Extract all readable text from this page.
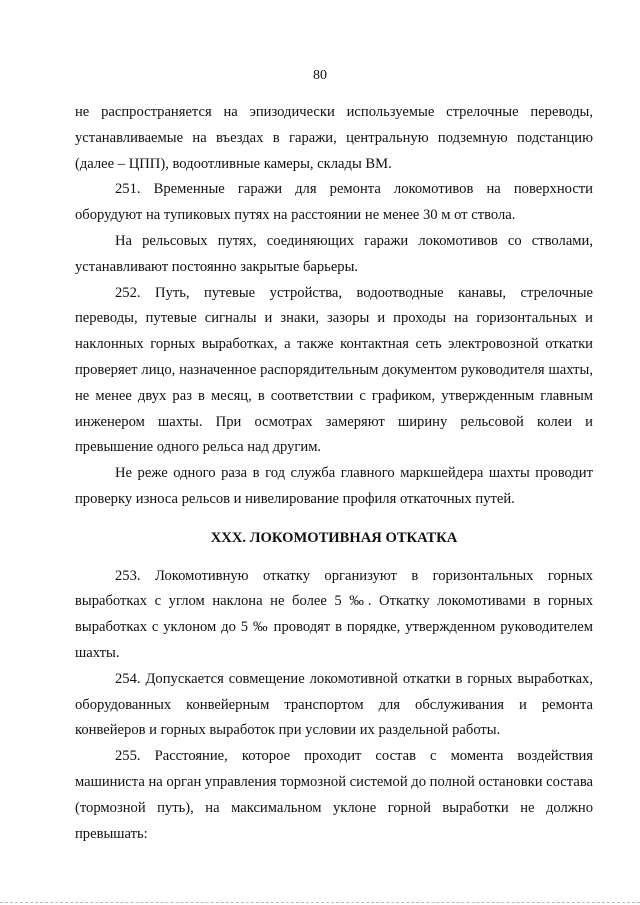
80

не распространяется на эпизодически используемые стрелочные переводы, устанавливаемые на въездах в гаражи, центральную подземную подстанцию (далее – ЦПП), водоотливные камеры, склады ВМ.

251. Временные гаражи для ремонта локомотивов на поверхности оборудуют на тупиковых путях на расстоянии не менее 30 м от ствола.

На рельсовых путях, соединяющих гаражи локомотивов со стволами, устанавливают постоянно закрытые барьеры.

252. Путь, путевые устройства, водоотводные канавы, стрелочные переводы, путевые сигналы и знаки, зазоры и проходы на горизонтальных и наклонных горных выработках, а также контактная сеть электровозной откатки проверяет лицо, назначенное распорядительным документом руководителя шахты, не менее двух раз в месяц, в соответствии с графиком, утвержденным главным инженером шахты. При осмотрах замеряют ширину рельсовой колеи и превышение одного рельса над другим.

Не реже одного раза в год служба главного маркшейдера шахты проводит проверку износа рельсов и нивелирование профиля откаточных путей.

XXX. ЛОКОМОТИВНАЯ ОТКАТКА

253. Локомотивную откатку организуют в горизонтальных горных выработках с углом наклона не более 5 ‰. Откатку локомотивами в горных выработках с уклоном до 5 ‰ проводят в порядке, утвержденном руководителем шахты.

254. Допускается совмещение локомотивной откатки в горных выработках, оборудованных конвейерным транспортом для обслуживания и ремонта конвейеров и горных выработок при условии их раздельной работы.

255. Расстояние, которое проходит состав с момента воздействия машиниста на орган управления тормозной системой до полной остановки состава (тормозной путь), на максимальном уклоне горной выработки не должно превышать:
